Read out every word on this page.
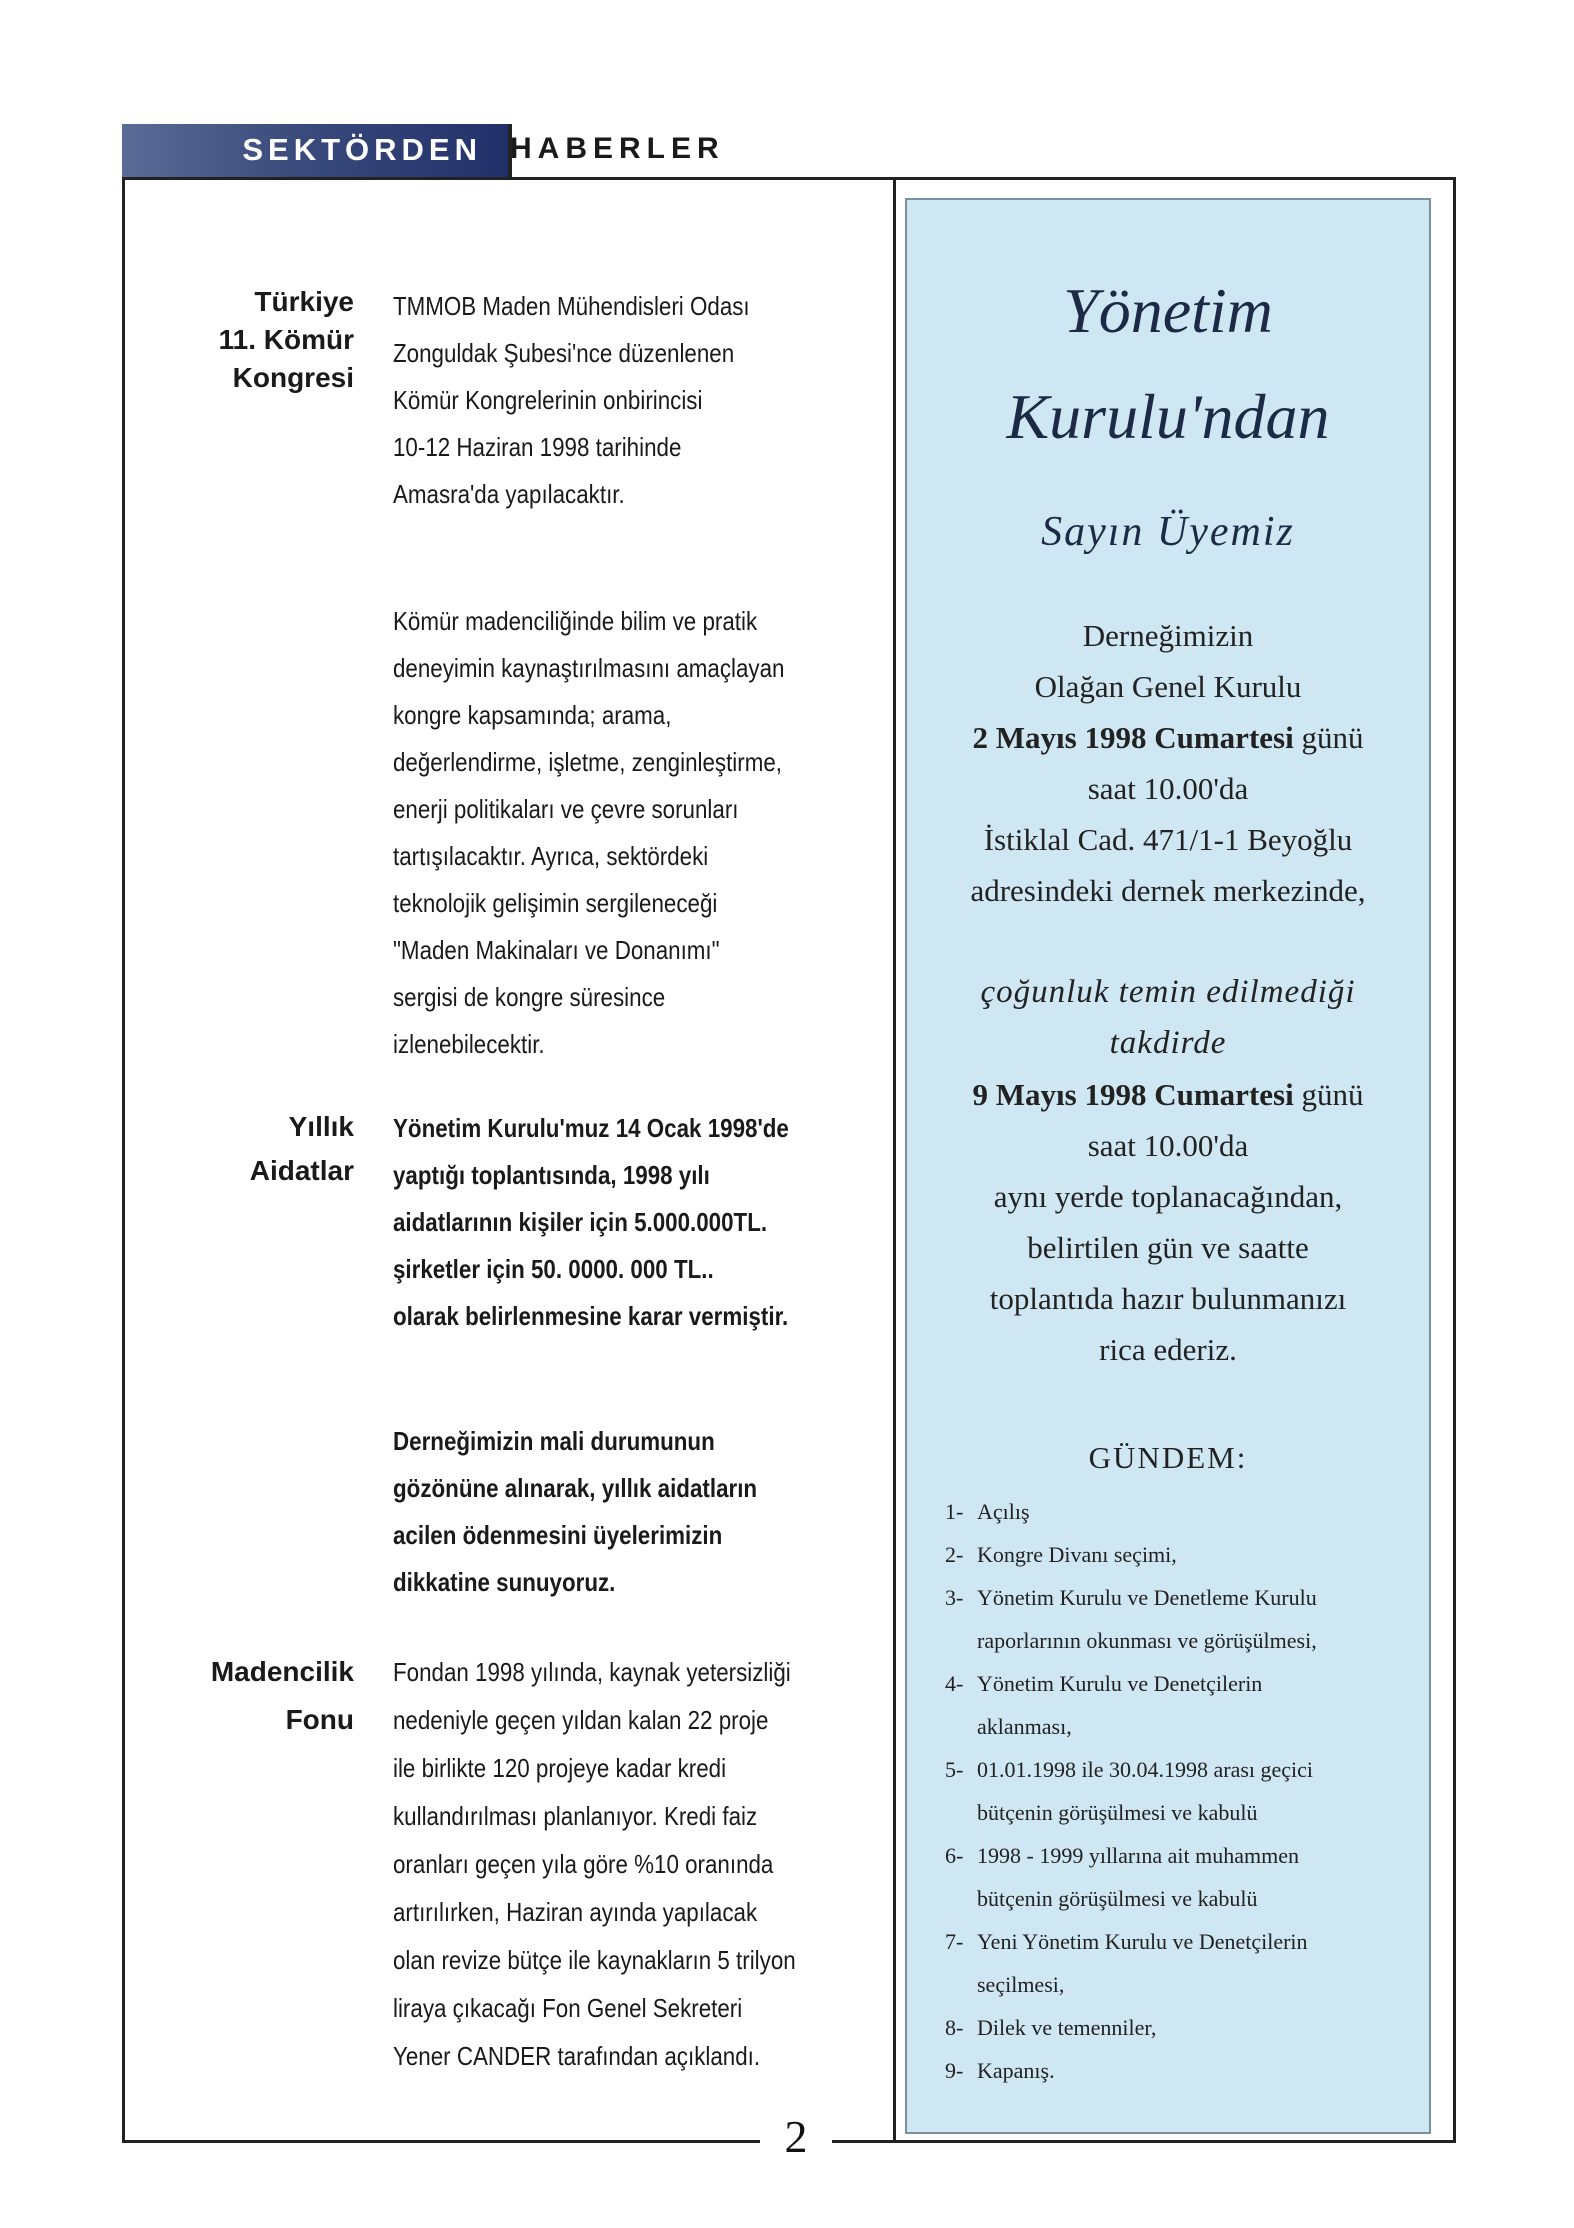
SEKTÖRDEN HABERLER
Türkiye
11. Kömür
Kongresi

TMMOB Maden Mühendisleri Odası

Zonguldak Şubesi'nce düzenlenen

Kömür Kongrelerinin onbirincisi

10-12 Haziran 1998 tarihinde

Amasra'da yapılacaktır.

Kömür madenciliğinde bilim ve pratik

deneyimin kaynaştırılmasını amaçlayan

kongre kapsamında; arama,

değerlendirme, işletme, zenginleştirme,

enerji politikaları ve çevre sorunları

tartışılacaktır. Ayrıca, sektördeki

teknolojik gelişimin sergileneceği

"Maden Makinaları ve Donanımı"

sergisi de kongre süresince

izlenebilecektir.

Yıllık
Aidatlar

Yönetim Kurulu'muz 14 Ocak 1998'de

yaptığı toplantısında, 1998 yılı

aidatlarının kişiler için 5.000.000TL.

şirketler için 50. 0000. 000 TL..

olarak belirlenmesine karar vermiştir.

Derneğimizin mali durumunun

gözönüne alınarak, yıllık aidatların

acilen ödenmesini üyelerimizin

dikkatine sunuyoruz.

Madencilik
Fonu

Fondan 1998 yılında, kaynak yetersizliği

nedeniyle geçen yıldan kalan 22 proje

ile birlikte 120 projeye kadar kredi

kullandırılması planlanıyor. Kredi faiz

oranları geçen yıla göre %10 oranında

artırılırken, Haziran ayında yapılacak

olan revize bütçe ile kaynakların 5 trilyon

liraya çıkacağı Fon Genel Sekreteri

Yener CANDER tarafından açıklandı.

Yönetim
Kurulu'ndan
Sayın Üyemiz
Derneğimizin
Olağan Genel Kurulu
2 Mayıs 1998 Cumartesi günü
saat 10.00'da
İstiklal Cad. 471/1-1 Beyoğlu
adresindeki dernek merkezinde,
çoğunluk temin edilmediği
takdirde
9 Mayıs 1998 Cumartesi günü
saat 10.00'da
aynı yerde toplanacağından,
belirtilen gün ve saatte
toplantıda hazır bulunmanızı
rica ederiz.
GÜNDEM:
1- Açılış
2- Kongre Divanı seçimi,
3- Yönetim Kurulu ve Denetleme Kurulu
raporlarının okunması ve görüşülmesi,
4- Yönetim Kurulu ve Denetçilerin
aklanması,
5- 01.01.1998 ile 30.04.1998 arası geçici
bütçenin görüşülmesi ve kabulü
6- 1998 - 1999 yıllarına ait muhammen
bütçenin görüşülmesi ve kabulü
7- Yeni Yönetim Kurulu ve Denetçilerin
seçilmesi,
8- Dilek ve temenniler,
9- Kapanış.
2
